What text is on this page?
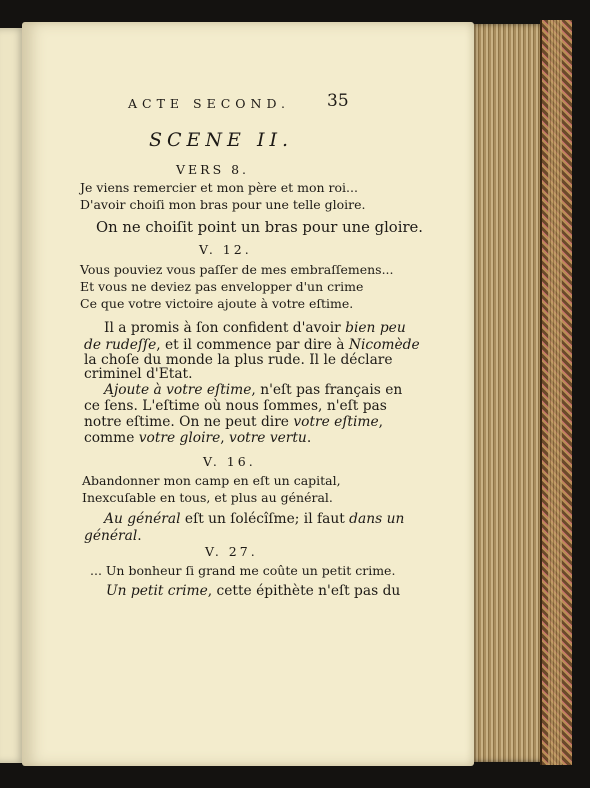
ACTE SECOND.	35
SCENE II.
VERS 8.
Je viens remercier et mon père et mon roi...
D'avoir choiſi mon bras pour une telle gloire.
On ne choiſit point un bras pour une gloire.
V. 12.
Vous pouviez vous paſſer de mes embraſſemens...
Et vous ne deviez pas envelopper d'un crime
Ce que votre victoire ajoute à votre eſtime.
Il a promis à ſon confident d'avoir bien peu
de rudeſſe, et il commence par dire à Nicomède
la choſe du monde la plus rude. Il le déclare
criminel d'Etat.
Ajoute à votre eſtime, n'eſt pas français en
ce ſens. L'eſtime où nous ſommes, n'eſt pas
notre eſtime. On ne peut dire votre eſtime,
comme votre gloire, votre vertu.
V. 16.
Abandonner mon camp en eſt un capital,
Inexcuſable en tous, et plus au général.
Au général eſt un ſolécîſme; il faut dans un
général.
V. 27.
... Un bonheur ſi grand me coûte un petit crime.
Un petit crime, cette épithète n'eſt pas du
